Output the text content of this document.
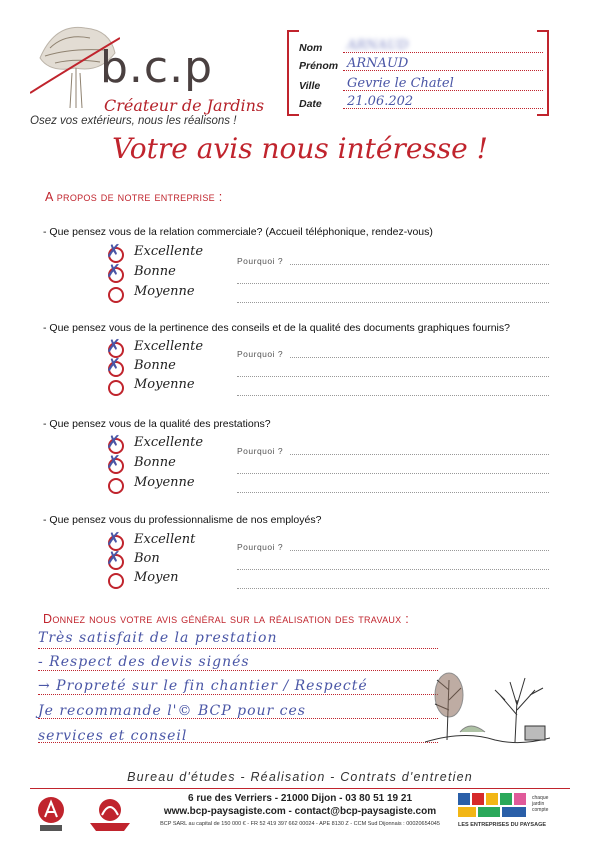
b.c.p
Créateur de Jardins
Osez vos extérieurs, nous les réalisons !
Nom ARNAUD
Prénom ARNAUD
Ville Gevrie le Chatel
Date 21.06.202
Votre avis nous intéresse !
A propos de notre entreprise :
- Que pensez vous de la relation commerciale? (Accueil téléphonique, rendez-vous)
✗ Excellente
✗ Bonne
Moyenne
Pourquoi ?
- Que pensez vous de la pertinence des conseils et de la qualité des documents graphiques fournis?
✗ Excellente
✗ Bonne
Moyenne
Pourquoi ?
- Que pensez vous de la qualité des prestations?
✗ Excellente
✗ Bonne
Moyenne
Pourquoi ?
- Que pensez vous du professionnalisme de nos employés?
✗ Excellent
✗ Bon
Moyen
Pourquoi ?
Donnez nous votre avis général sur la réalisation des travaux :
Très satisfait de la prestation
- Respect des devis signés
→ Propreté sur le fin chantier / Respecté
Je recommande l'© BCP pour ces
services et conseil
Bureau d'études - Réalisation - Contrats d'entretien
6 rue des Verriers - 21000 Dijon - 03 80 51 19 21
www.bcp-paysagiste.com - contact@bcp-paysagiste.com
BCP SARL au capital de 150 000 € - FR 52 419 397 662 00024 - APE 8130 Z - CCM Sud Dijonnais : 00020654045
chaque jardin compte
LES ENTREPRISES DU PAYSAGE
